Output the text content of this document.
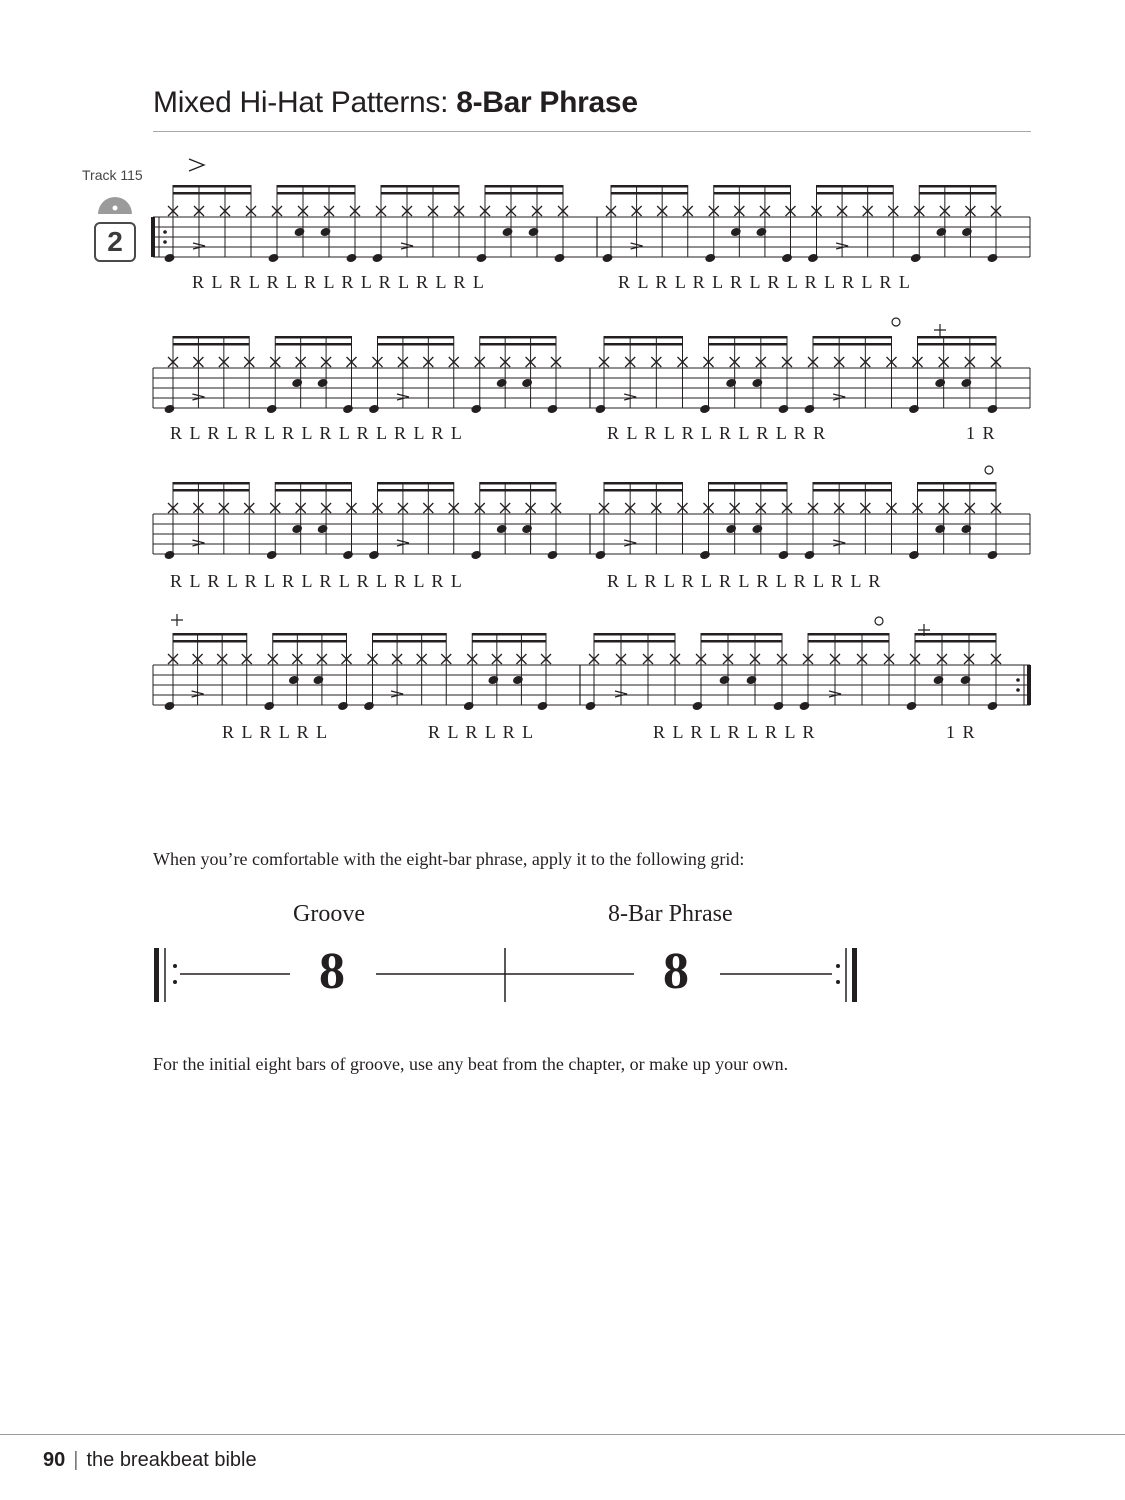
Mixed Hi-Hat Patterns: 8-Bar Phrase
Track 115
2
R L R L R L R L R L R L R L R L	R L R L R L R L R L R L R L R L
R L R L R L R L R L R L R L R L	R L R L R L R L R L R R	1 R
R L R L R L R L R L R L R L R L	R L R L R L R L R L R L R L R
R L R L R L	R L R L R L	R L R L R L R L R	1 R
When you’re comfortable with the eight-bar phrase, apply it to the following grid:
Groove	8-Bar Phrase
8	8
For the initial eight bars of groove, use any beat from the chapter, or make up your own.
90 | the breakbeat bible
